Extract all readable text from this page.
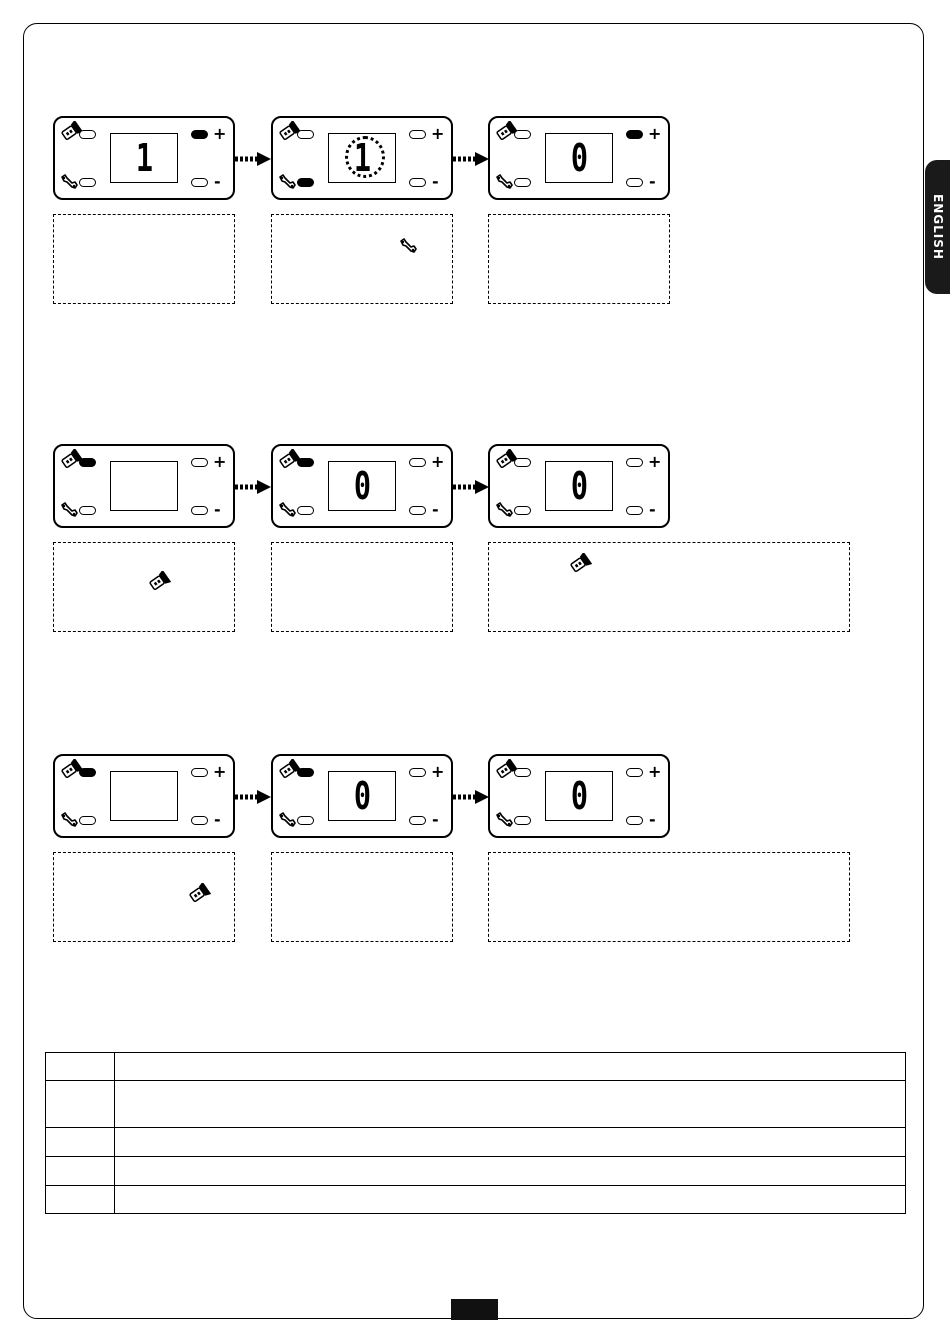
ENGLISH
+
-
1
+
-
1
+
-
0
+
-
+
-
0
+
-
0
+
-
+
-
0
+
-
0
